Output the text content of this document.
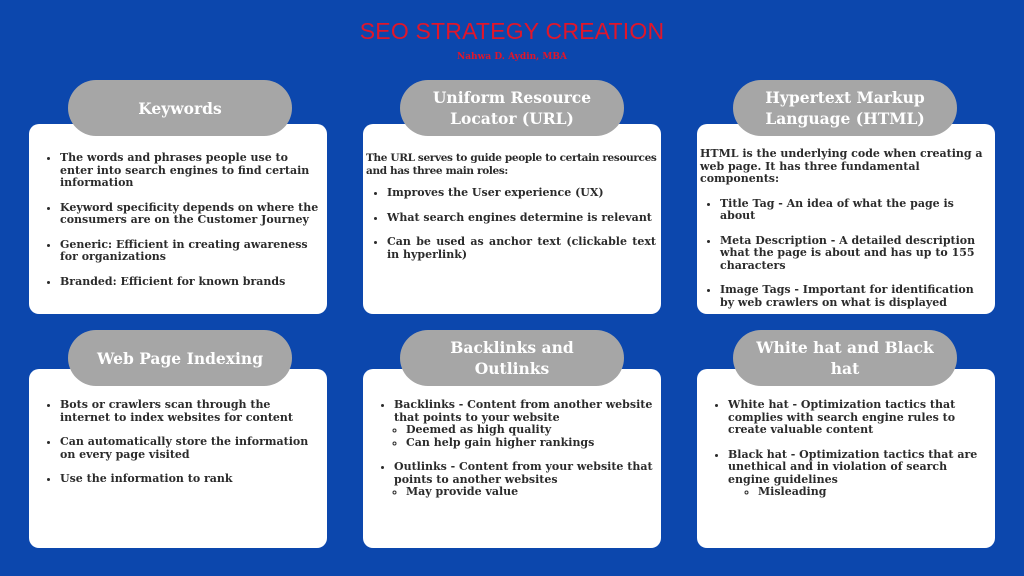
SEO STRATEGY CREATION
Nahwa D. Aydin, MBA
• The words and phrases people use to enter into search engines to find certain information
• Keyword specificity depends on where the consumers are on the Customer Journey
• Generic: Efficient in creating awareness for organizations
• Branded: Efficient for known brands
The URL serves to guide people to certain resources and has three main roles:
• Improves the User experience (UX)
• What search engines determine is relevant
• Can be used as anchor text (clickable text in hyperlink)
HTML is the underlying code when creating a web page. It has three fundamental components:
• Title Tag - An idea of what the page is about
• Meta Description - A detailed description what the page is about and has up to 155 characters
• Image Tags - Important for identification by web crawlers on what is displayed
• Bots or crawlers scan through the internet to index websites for content
• Can automatically store the information on every page visited
• Use the information to rank
• Backlinks - Content from another website that points to your website
◦ Deemed as high quality
◦ Can help gain higher rankings
• Outlinks - Content from your website that points to another websites
◦ May provide value
• White hat - Optimization tactics that complies with search engine rules to create valuable content
• Black hat - Optimization tactics that are unethical and in violation of search engine guidelines
◦ Misleading
Keywords
Uniform Resource Locator (URL)
Hypertext Markup Language (HTML)
Web Page Indexing
Backlinks and Outlinks
White hat and Black hat
